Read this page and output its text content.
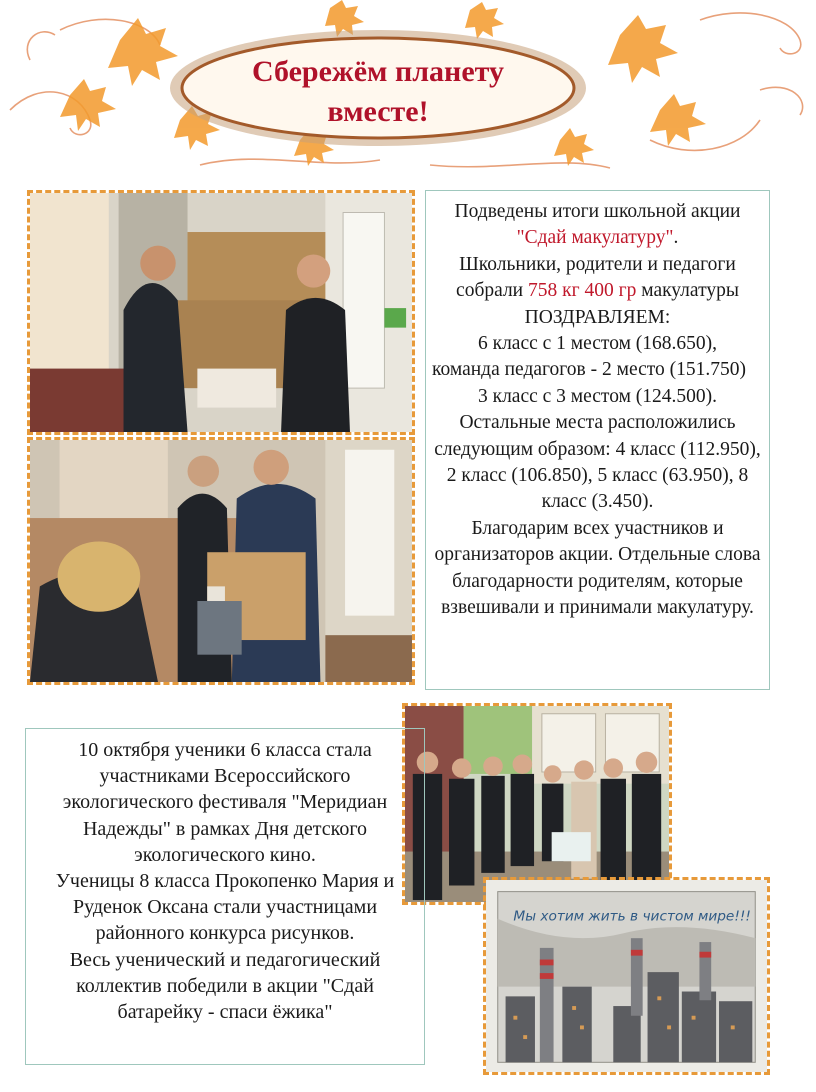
Сбережём планету
вместе!

Подведены итоги школьной акции
"Сдай макулатуру".

Школьники, родители и педагоги

собрали 758 кг 400 гр макулатуры

ПОЗДРАВЛЯЕМ:

6 класс с 1 местом (168.650),

команда педагогов - 2 место (151.750)

3 класс с 3 местом (124.500).

Остальные места расположились следующим образом: 4 класс (112.950), 2 класс (106.850), 5 класс (63.950), 8 класс (3.450).

Благодарим всех участников и организаторов акции. Отдельные слова благодарности родителям, которые взвешивали и принимали макулатуру.

Мы хотим жить в чистом мире!!!

10 октября ученики 6 класса стала участниками Всероссийского экологического фестиваля "Меридиан Надежды" в рамках Дня детского экологического кино.

Ученицы 8 класса Прокопенко Мария и Руденок Оксана стали участницами районного конкурса рисунков.

Весь ученический и педагогический коллектив победили в акции "Сдай батарейку - спаси ёжика"
